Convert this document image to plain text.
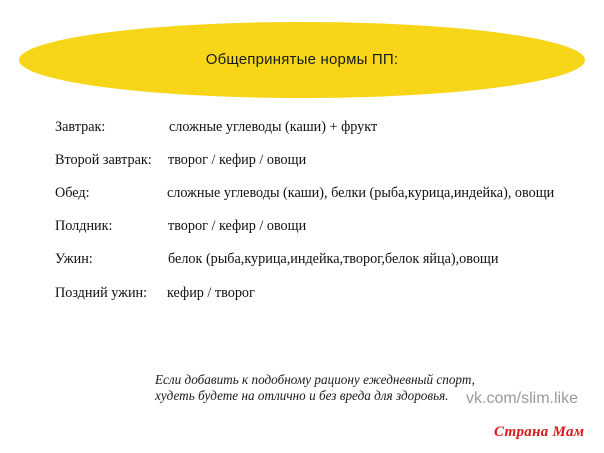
Общепринятые нормы ПП:
Завтрак:	сложные углеводы (каши) + фрукт
Второй завтрак: творог / кефир / овощи
Обед:	сложные углеводы (каши), белки (рыба,курица,индейка), овощи
Полдник:	творог / кефир / овощи
Ужин:	белок (рыба,курица,индейка,творог,белок яйца),овощи
Поздний ужин: кефир / творог
Если добавить к подобному рациону ежедневный спорт,
худеть будете на отлично и без вреда для здоровья.	vk.com/slim.like
Страна Мам
